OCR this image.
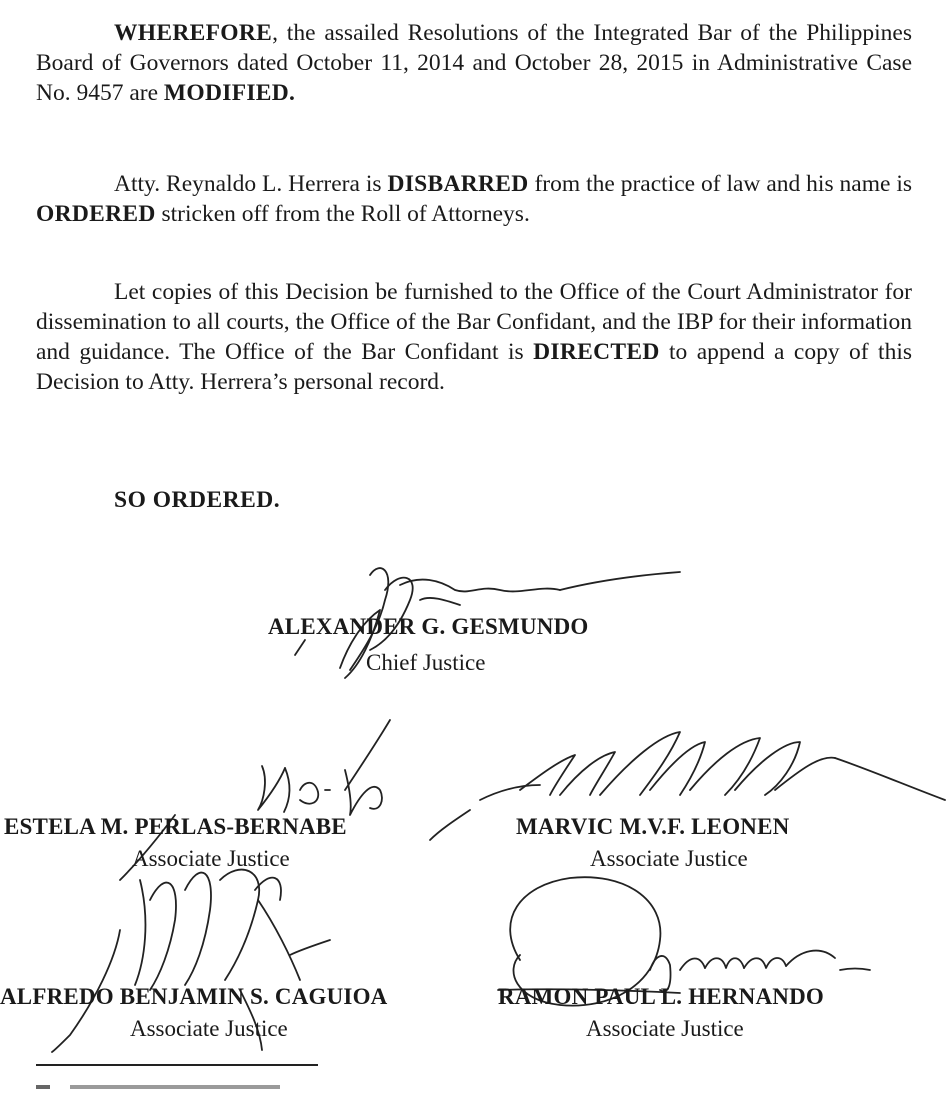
WHEREFORE, the assailed Resolutions of the Integrated Bar of the Philippines Board of Governors dated October 11, 2014 and October 28, 2015 in Administrative Case No. 9457 are MODIFIED.

Atty. Reynaldo L. Herrera is DISBARRED from the practice of law and his name is ORDERED stricken off from the Roll of Attorneys.

Let copies of this Decision be furnished to the Office of the Court Administrator for dissemination to all courts, the Office of the Bar Confidant, and the IBP for their information and guidance. The Office of the Bar Confidant is DIRECTED to append a copy of this Decision to Atty. Herrera’s personal record.

SO ORDERED.
ALEXANDER G. GESMUNDO
Chief Justice
ESTELA M. PERLAS-BERNABE
Associate Justice
MARVIC M.V.F. LEONEN
Associate Justice
ALFREDO BENJAMIN S. CAGUIOA
Associate Justice
RAMON PAUL L. HERNANDO
Associate Justice
